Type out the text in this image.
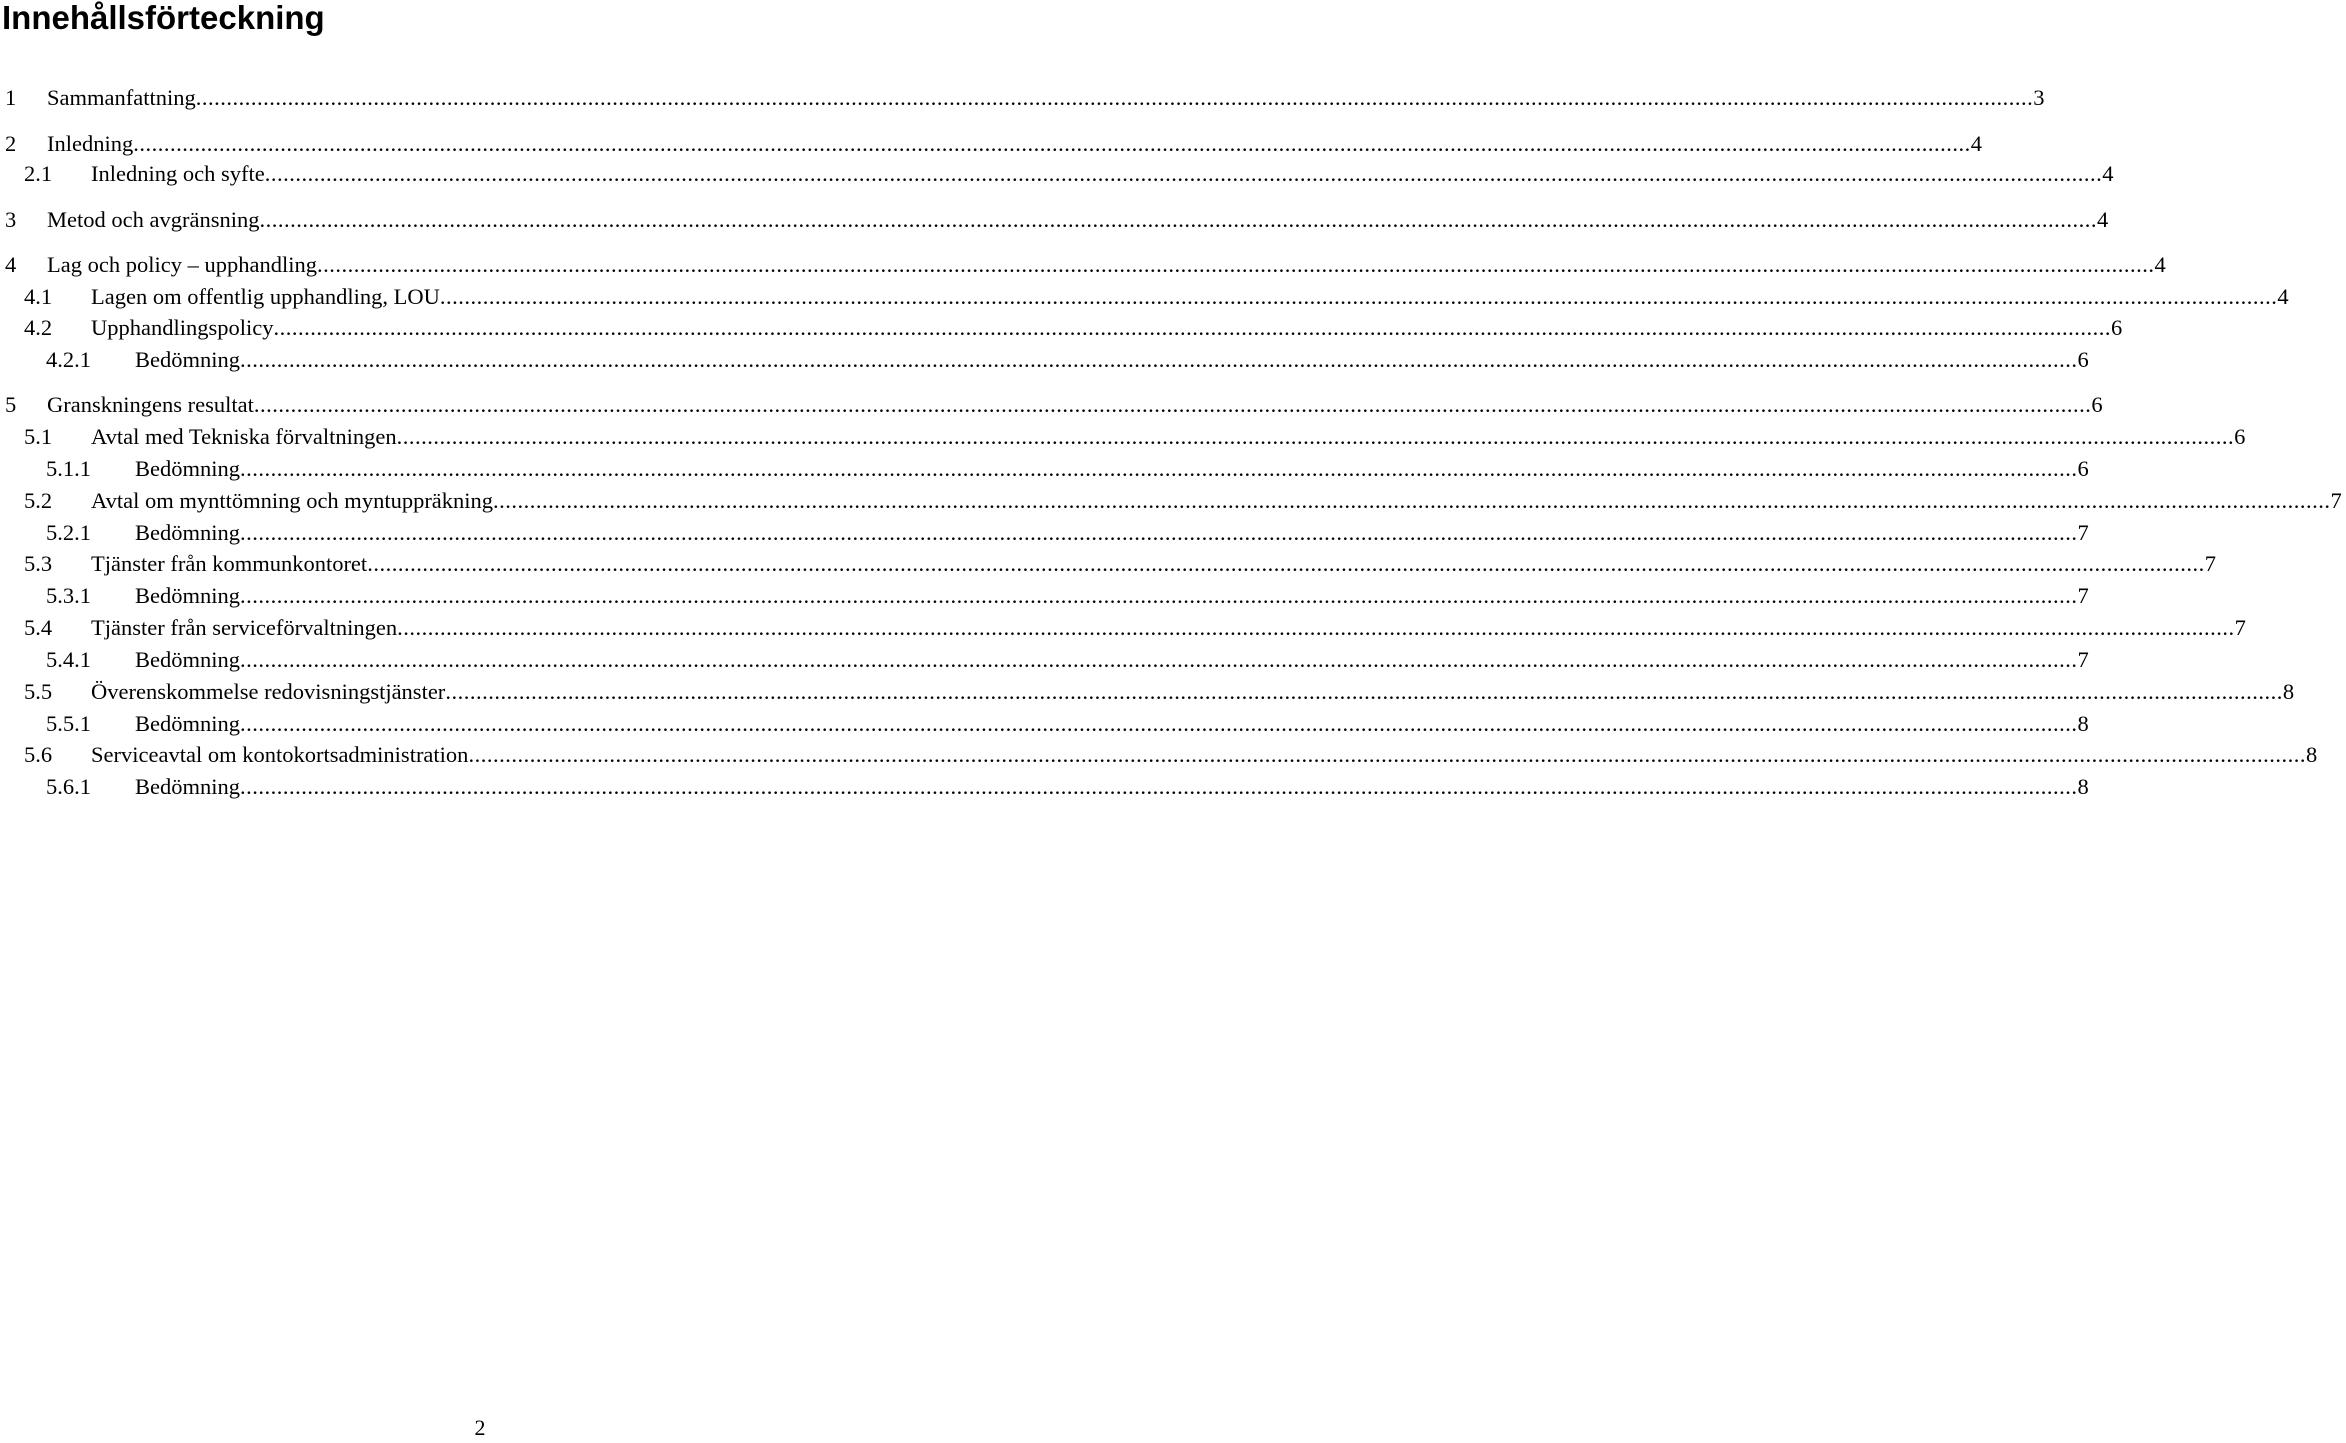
Innehållsförteckning
1 Sammanfattning ............................................................................................................................................................................................................................................................................................................ 3
2 Inledning ............................................................................................................................................................................................................................................................................................................ 4
2.1 Inledning och syfte ............................................................................................................................................................................................................................................................................................................ 4
3 Metod och avgränsning ............................................................................................................................................................................................................................................................................................................ 4
4 Lag och policy – upphandling ............................................................................................................................................................................................................................................................................................................ 4
4.1 Lagen om offentlig upphandling, LOU ............................................................................................................................................................................................................................................................................................................ 4
4.2 Upphandlingspolicy ............................................................................................................................................................................................................................................................................................................ 6
4.2.1 Bedömning ............................................................................................................................................................................................................................................................................................................ 6
5 Granskningens resultat ............................................................................................................................................................................................................................................................................................................ 6
5.1 Avtal med Tekniska förvaltningen ............................................................................................................................................................................................................................................................................................................ 6
5.1.1 Bedömning ............................................................................................................................................................................................................................................................................................................ 6
5.2 Avtal om mynttömning och myntuppräkning ............................................................................................................................................................................................................................................................................................................ 7
5.2.1 Bedömning ............................................................................................................................................................................................................................................................................................................ 7
5.3 Tjänster från kommunkontoret ............................................................................................................................................................................................................................................................................................................ 7
5.3.1 Bedömning ............................................................................................................................................................................................................................................................................................................ 7
5.4 Tjänster från serviceförvaltningen ............................................................................................................................................................................................................................................................................................................ 7
5.4.1 Bedömning ............................................................................................................................................................................................................................................................................................................ 7
5.5 Överenskommelse redovisningstjänster ............................................................................................................................................................................................................................................................................................................ 8
5.5.1 Bedömning ............................................................................................................................................................................................................................................................................................................ 8
5.6 Serviceavtal om kontokortsadministration ............................................................................................................................................................................................................................................................................................................ 8
5.6.1 Bedömning ............................................................................................................................................................................................................................................................................................................ 8
2
